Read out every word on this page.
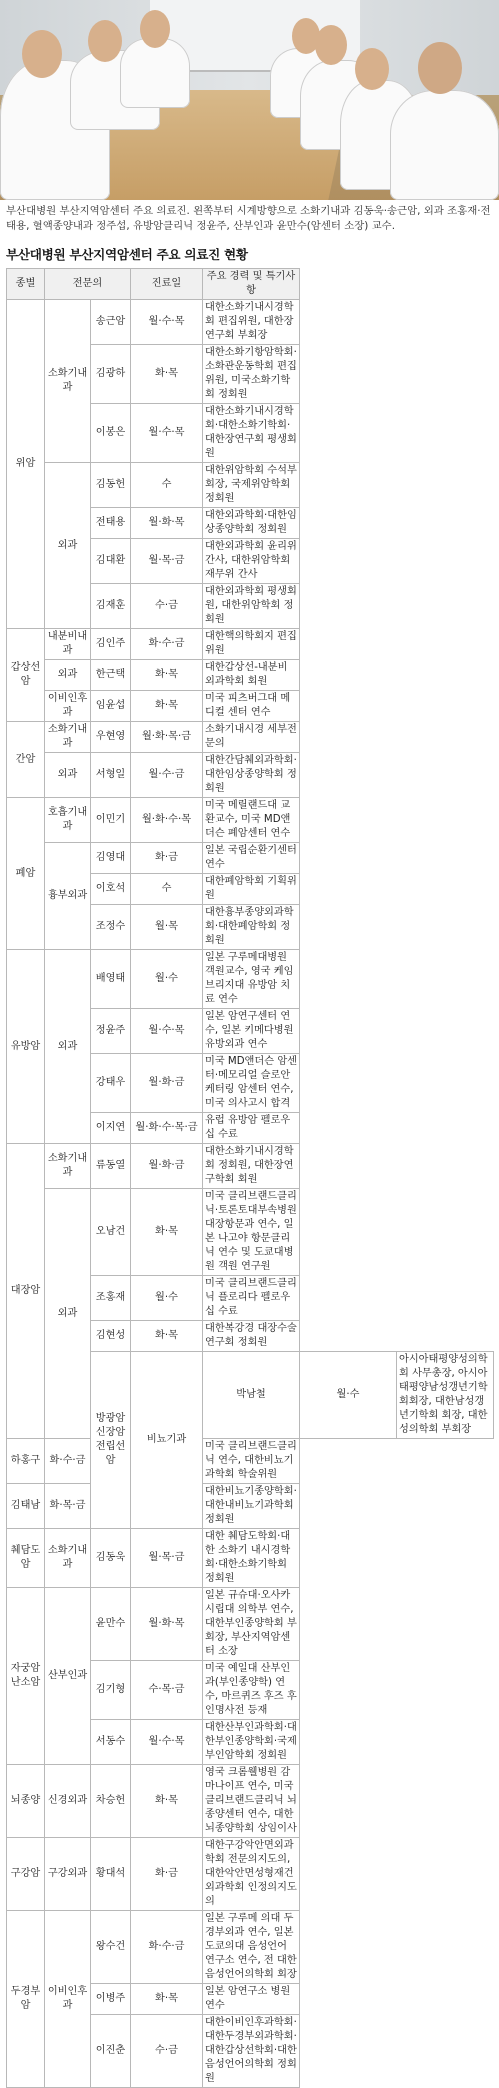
부산대병원 부산지역암센터 주요 의료진. 왼쪽부터 시계방향으로 소화기내과 김동욱·송근암, 외과 조홍재·전태용, 혈액종양내과 정주섭, 유방암클리닉 정윤주, 산부인과 윤만수(암센터 소장) 교수.
부산대병원 부산지역암센터 주요 의료진 현황
종별	전문의		진료일	주요 경력 및 특기사항		
위암	소화기내과	송근암	월·수·목	대한소화기내시경학회 편집위원, 대한장연구회 부회장		
		김광하	화·목	대한소화기항암학회·소화관운동학회 편집위원, 미국소화기학회 정회원		
		이봉은	월·수·목	대한소화기내시경학회·대한소화기학회·대한장연구회 평생회원		
	외과	김동헌	수	대한위암학회 수석부회장, 국제위암학회 정회원		
		전태용	월·화·목	대한외과학회·대한임상종양학회 정회원		
		김대환	월·목·금	대한외과학회 윤리위 간사, 대한위암학회 재무위 간사		
		김재훈	수·금	대한외과학회 평생회원, 대한위암학회 정회원		
갑상선암	내분비내과	김인주	화·수·금	대한핵의학회지 편집위원		
	외과	한근택	화·목	대한갑상선-내분비외과학회 회원		
	이비인후과	임윤섭	화·목	미국 피츠버그대 메디컬 센터 연수		
간암	소화기내과	우현영	월·화·목·금	소화기내시경 세부전문의		
	외과	서형일	월·수·금	대한간담췌외과학회·대한임상종양학회 정회원		
폐암	호흡기내과	이민기	월·화·수·목	미국 메릴랜드대 교환교수, 미국 MD앤더슨 폐암센터 연수		
	흉부외과	김영대	화·금	일본 국립순환기센터 연수		
		이호석	수	대한폐암학회 기획위원		
		조정수	월·목	대한흉부종양외과학회·대한폐암학회 정회원		
유방암	외과	배영태	월·수	일본 구루메대병원 객원교수, 영국 케임브리지대 유방암 치료 연수		
		정윤주	월·수·목	일본 암연구센터 연수, 일본 키메다병원 유방외과 연수		
		강태우	월·화·금	미국 MD앤더슨 암센터·메모리얼 슬로안 케터링 암센터 연수, 미국 의사고시 합격		
		이지연	월·화·수·목·금	유럽 유방암 펠로우십 수료		
대장암	소화기내과	류동열	월·화·금	대한소화기내시경학회 정회원, 대한장연구학회 회원		
	외과	오남건	화·목	미국 클리브랜드클리닉·토론토대부속병원 대장항문과 연수, 일본 나고야 항문클리닉 연수 및 도쿄대병원 객원 연구원		
		조홍재	월·수	미국 클리브랜드클리닉 플로리다 펠로우십 수료		
		김현성	화·목	대한복강경 대장수술연구회 정회원		
		방광암 신장암 전립선암	비뇨기과	박남철	월·수	아시아태평양성의학회 사무총장, 아시아태평양남성갱년기학회회장, 대한남성갱년기학회 회장, 대한성의학회 부회장
하홍구	화·수·금			미국 클리브랜드클리닉 연수, 대한비뇨기과학회 학술위원		
김태남	화·목·금			대한비뇨기종양학회·대한내비뇨기과학회 정회원		
췌담도암	소화기내과	김동욱	월·목·금	대한 췌담도학회·대한 소화기 내시경학회·대한소화기학회 정회원		
자궁암 난소암	산부인과	윤만수	월·화·목	일본 규슈대·오사카시립대 의학부 연수, 대한부인종양학회 부회장, 부산지역암센터 소장		
		김기형	수·목·금	미국 예일대 산부인과(부인종양학) 연수, 마르퀴즈 후즈 후 인명사전 등재		
		서동수	월·수·목	대한산부인과학회·대한부인종양학회·국제부인암학회 정회원		
뇌종양	신경외과	차승헌	화·목	영국 크롬웰병원 감마나이프 연수, 미국 클리브랜드클리닉 뇌종양센터 연수, 대한뇌종양학회 상임이사		
구강암	구강외과	황대석	화·금	대한구강악안면외과학회 전문의지도의, 대한악안면성형재건외과학회 인정의지도의		
두경부암	이비인후과	왕수건	화·수·금	일본 구루메 의대 두경부외과 연수, 일본 도쿄의대 음성언어 연구소 연수, 전 대한음성언어의학회 회장		
		이병주	화·목	일본 암연구소 병원 연수		
		이진춘	수·금	대한이비인후과학회·대한두경부외과학회·대한갑상선학회·대한음성언어의학회 정회원		
